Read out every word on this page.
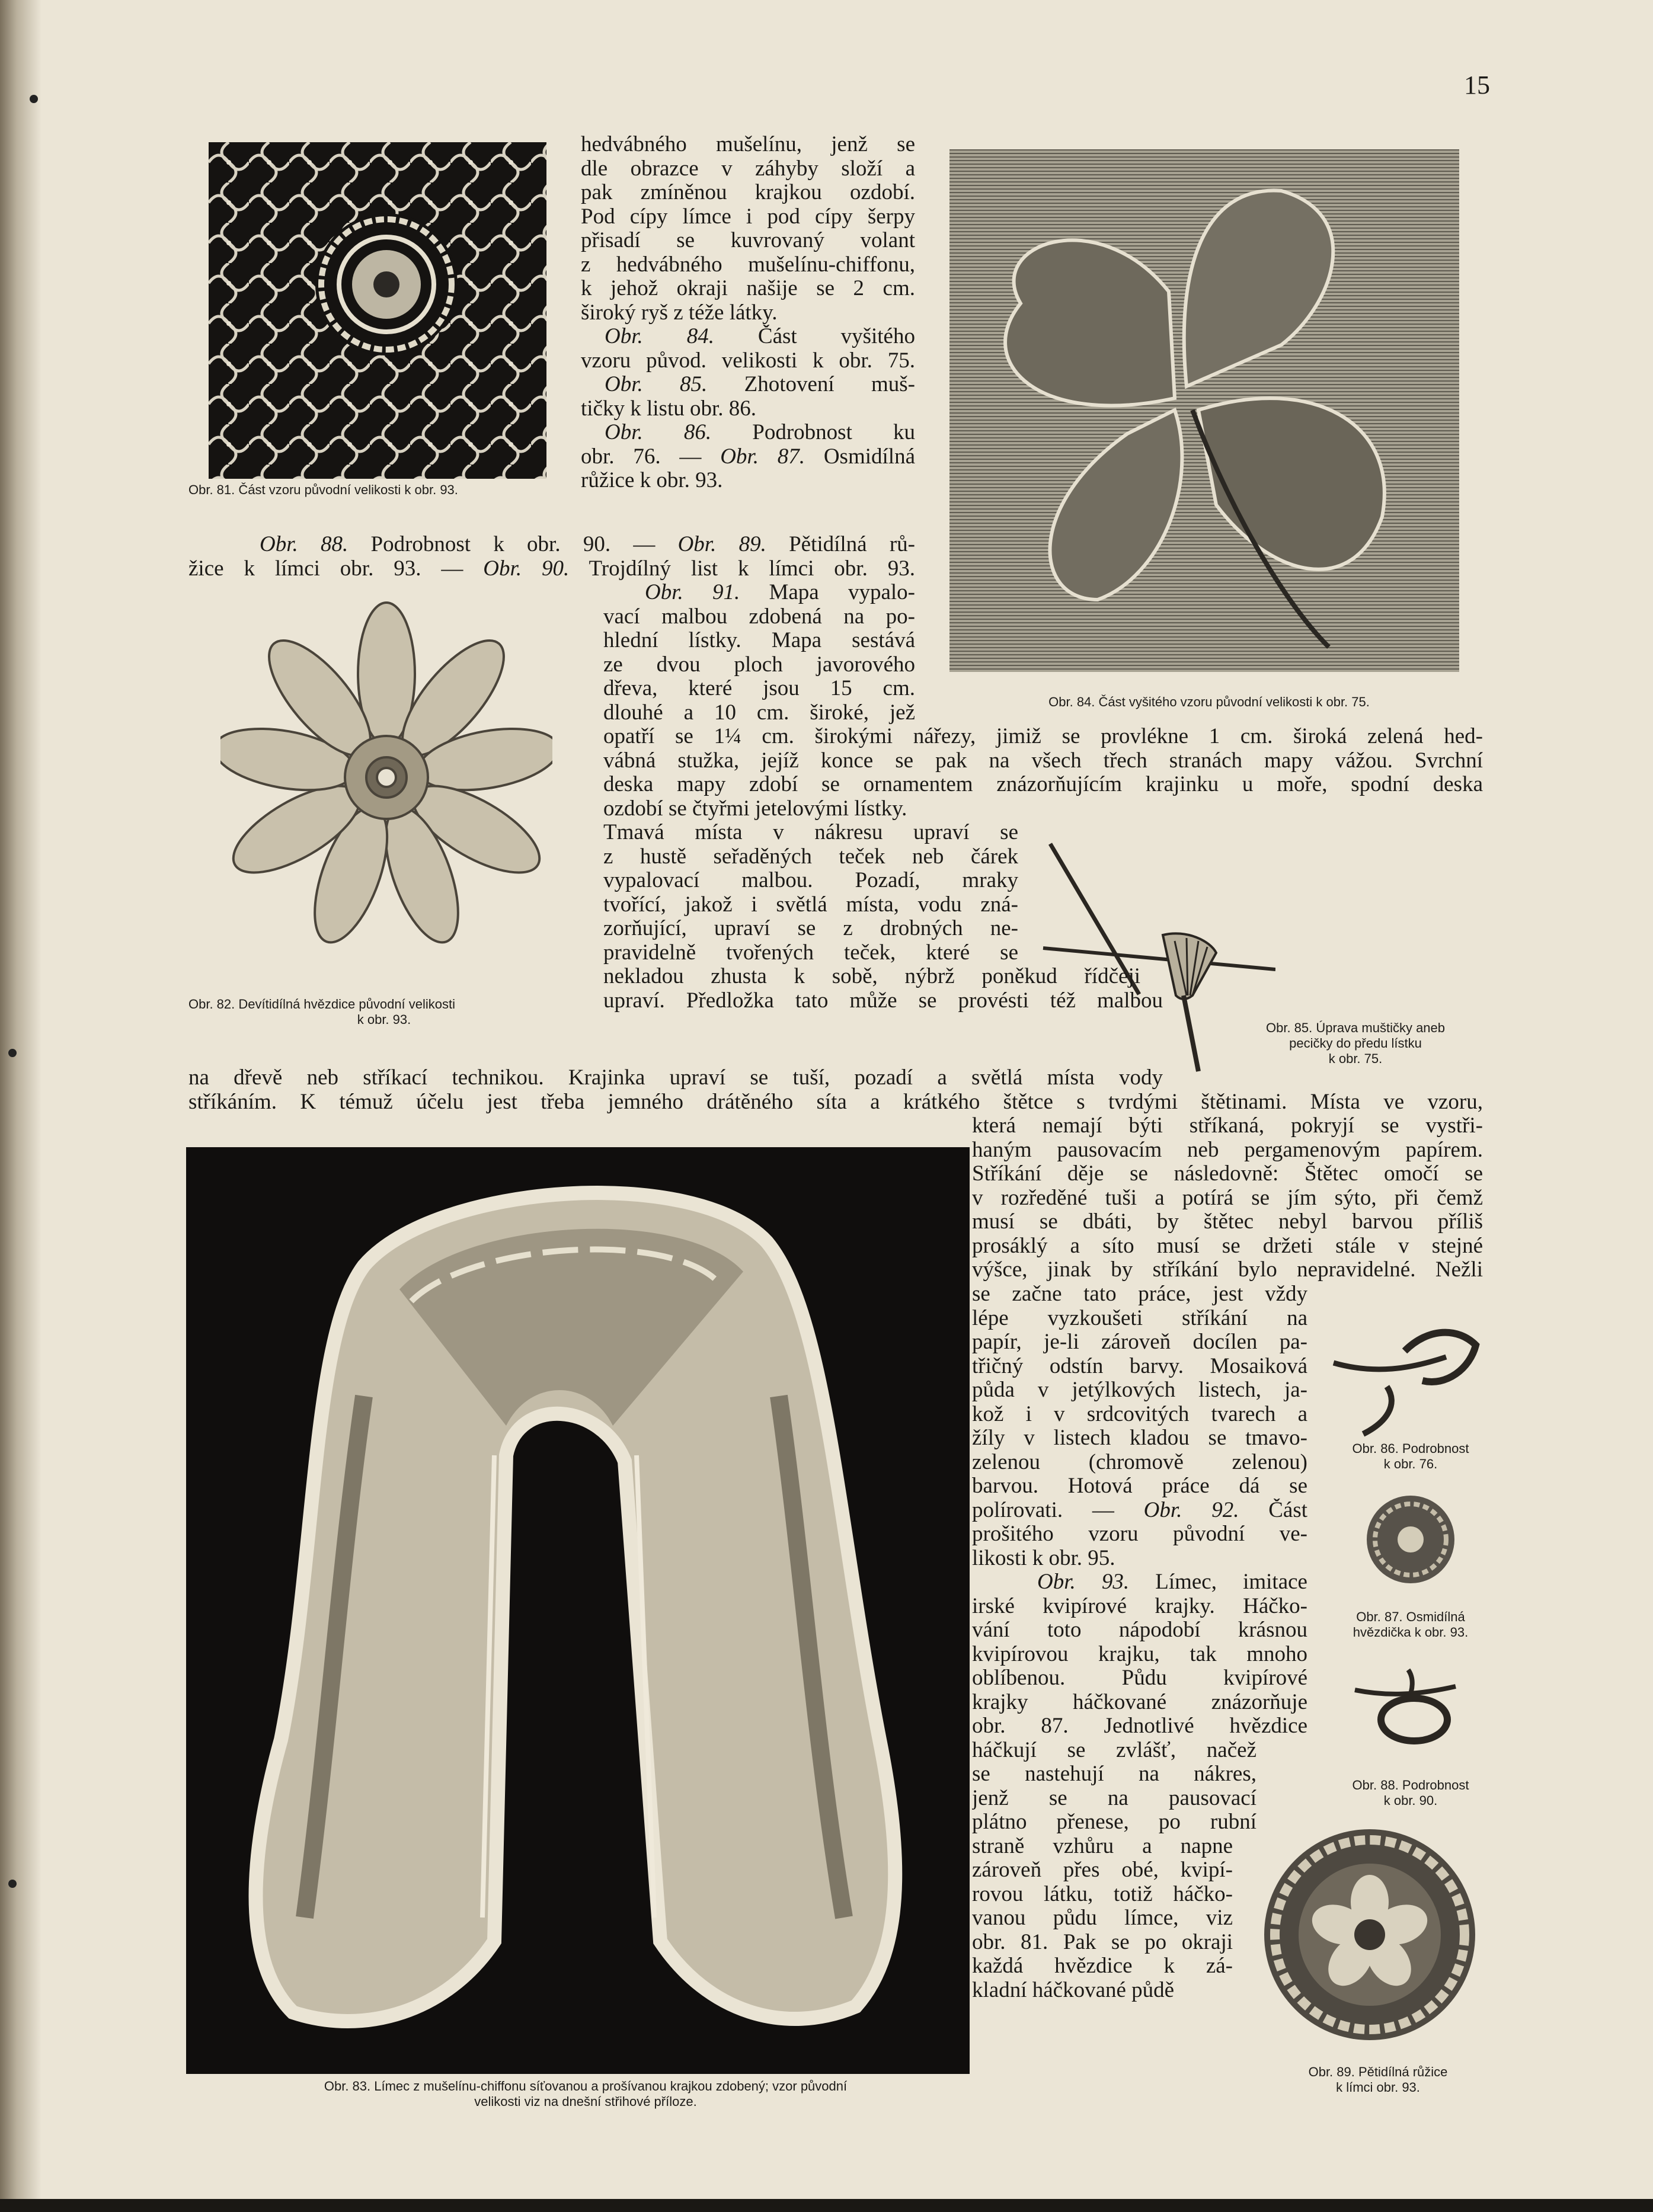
15
Obr. 81. Část vzoru původní velikosti k obr. 93.
Obr. 82. Devítidílná hvězdice původní velikosti
k obr. 93.
Obr. 84. Část vyšitého vzoru původní velikosti k obr. 75.
Obr. 85. Úprava muštičky aneb
pecičky do předu lístku
k obr. 75.
Obr. 83. Límec z mušelínu-chiffonu síťovanou a prošívanou krajkou zdobený; vzor původní
velikosti viz na dnešní střihové příloze.
Obr. 86. Podrobnost
k obr. 76.
Obr. 87. Osmidílná
hvězdička k obr. 93.
Obr. 88. Podrobnost
k obr. 90.
Obr. 89. Pětidílná růžice
k límci obr. 93.
hedvábného mušelínu, jenž se
dle obrazce v záhyby složí a
pak zmíněnou krajkou ozdobí.
Pod cípy límce i pod cípy šerpy
přisadí se kuvrovaný volant
z hedvábného mušelínu-chiffonu,
k jehož okraji našije se 2 cm.
široký ryš z téže látky.
Obr. 84. Část vyšitého
vzoru původ. velikosti k obr. 75.
Obr. 85. Zhotovení muš-
tičky k listu obr. 86.
Obr. 86. Podrobnost ku
obr. 76. — Obr. 87. Osmidílná
růžice k obr. 93.
Obr. 88. Podrobnost k obr. 90. — Obr. 89. Pětidílná rů-
žice k límci obr. 93. — Obr. 90. Trojdílný list k límci obr. 93.
Obr. 91. Mapa vypalo-
vací malbou zdobená na po-
hlední lístky. Mapa sestává
ze dvou ploch javorového
dřeva, které jsou 15 cm.
dlouhé a 10 cm. široké, jež
opatří se 1¼ cm. širokými nářezy, jimiž se provlékne 1 cm. široká zelená hed-
vábná stužka, jejíž konce se pak na všech třech stranách mapy vážou. Svrchní
deska mapy zdobí se ornamentem znázorňujícím krajinku u moře, spodní deska
ozdobí se čtyřmi jetelovými lístky.
Tmavá místa v nákresu upraví se
z hustě seřaděných teček neb čárek
vypalovací malbou. Pozadí, mraky
tvořící, jakož i světlá místa, vodu zná-
zorňující, upraví se z drobných ne-
pravidelně tvořených teček, které se
nekladou zhusta k sobě, nýbrž poněkud řídčeji
upraví. Předložka tato může se provésti též malbou
na dřevě neb stříkací technikou. Krajinka upraví se tuší, pozadí a světlá místa vody
stříkáním. K témuž účelu jest třeba jemného drátěného síta a krátkého štětce s tvrdými štětinami. Místa ve vzoru,
která nemají býti stříkaná, pokryjí se vystři-
haným pausovacím neb pergamenovým papírem.
Stříkání děje se následovně: Štětec omočí se
v rozředěné tuši a potírá se jím sýto, při čemž
musí se dbáti, by štětec nebyl barvou příliš
prosáklý a síto musí se držeti stále v stejné
výšce, jinak by stříkání bylo nepravidelné. Nežli
se začne tato práce, jest vždy
lépe vyzkoušeti stříkání na
papír, je-li zároveň docílen pa-
třičný odstín barvy. Mosaiková
půda v jetýlkových listech, ja-
kož i v srdcovitých tvarech a
žíly v listech kladou se tmavo-
zelenou (chromově zelenou)
barvou. Hotová práce dá se
polírovati. — Obr. 92. Část
prošitého vzoru původní ve-
likosti k obr. 95.
Obr. 93. Límec, imitace
irské kvipírové krajky. Háčko-
vání toto nápodobí krásnou
kvipírovou krajku, tak mnoho
oblíbenou. Půdu kvipírové
krajky háčkované znázorňuje
obr. 87. Jednotlivé hvězdice
háčkují se zvlášť, načež
se nastehují na nákres,
jenž se na pausovací
plátno přenese, po rubní
straně vzhůru a napne
zároveň přes obé, kvipí-
rovou látku, totiž háčko-
vanou půdu límce, viz
obr. 81. Pak se po okraji
každá hvězdice k zá-
kladní háčkované půdě
